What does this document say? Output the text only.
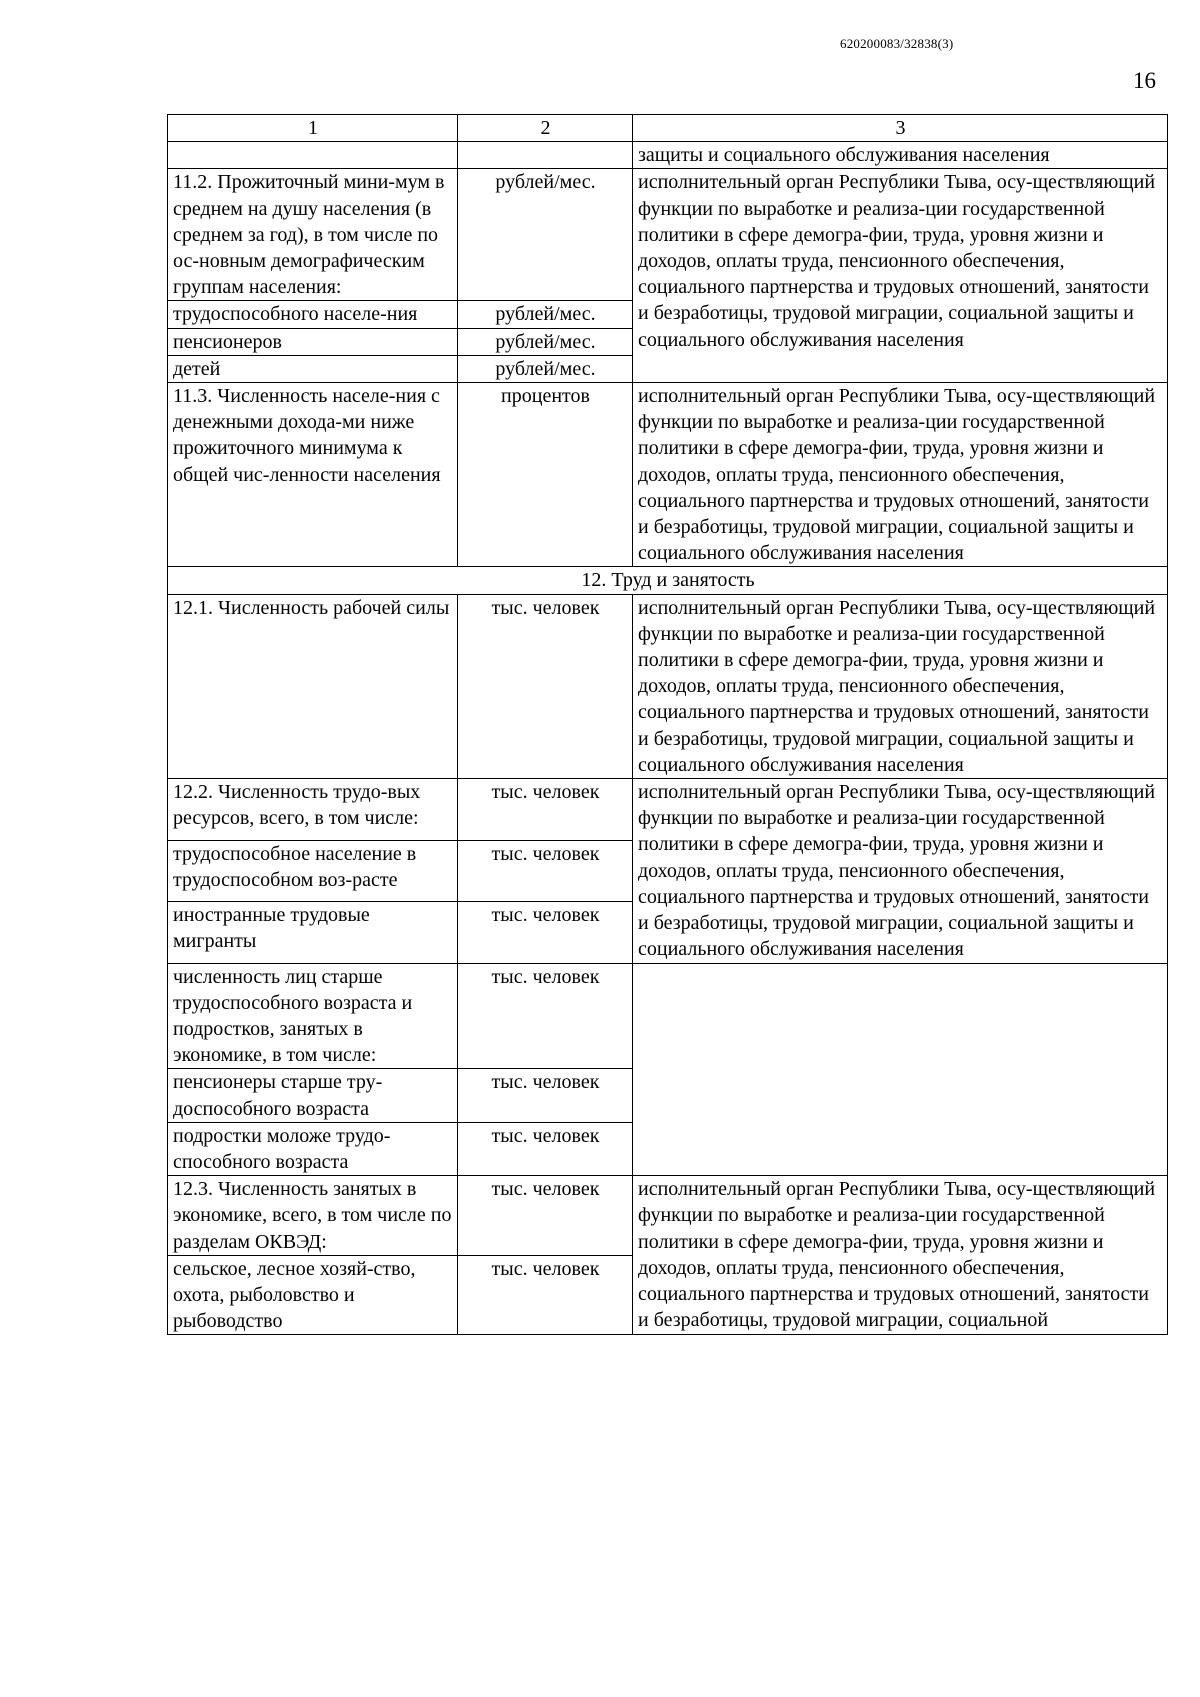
620200083/32838(3)
16
1	2	3
		защиты и социального обслуживания населения
11.2. Прожиточный мини-мум в среднем на душу населения (в среднем за год), в том числе по ос-новным демографическим группам населения:	рублей/мес.	исполнительный орган Республики Тыва, осу-ществляющий функции по выработке и реализа-ции государственной политики в сфере демогра-фии, труда, уровня жизни и доходов, оплаты труда, пенсионного обеспечения, социального партнерства и трудовых отношений, занятости и безработицы, трудовой миграции, социальной защиты и социального обслуживания населения
трудоспособного населе-ния	рублей/мес.	
пенсионеров	рублей/мес.	
детей	рублей/мес.	
11.3. Численность населе-ния с денежными дохода-ми ниже прожиточного минимума к общей чис-ленности населения	процентов	исполнительный орган Республики Тыва, осу-ществляющий функции по выработке и реализа-ции государственной политики в сфере демогра-фии, труда, уровня жизни и доходов, оплаты труда, пенсионного обеспечения, социального партнерства и трудовых отношений, занятости и безработицы, трудовой миграции, социальной защиты и социального обслуживания населения
12. Труд и занятость		
12.1. Численность рабочей силы	тыс. человек	исполнительный орган Республики Тыва, осу-ществляющий функции по выработке и реализа-ции государственной политики в сфере демогра-фии, труда, уровня жизни и доходов, оплаты труда, пенсионного обеспечения, социального партнерства и трудовых отношений, занятости и безработицы, трудовой миграции, социальной защиты и социального обслуживания населения
12.2. Численность трудо-вых ресурсов, всего, в том числе:	тыс. человек	исполнительный орган Республики Тыва, осу-ществляющий функции по выработке и реализа-ции государственной политики в сфере демогра-фии, труда, уровня жизни и доходов, оплаты труда, пенсионного обеспечения, социального партнерства и трудовых отношений, занятости и безработицы, трудовой миграции, социальной защиты и социального обслуживания населения
трудоспособное население в трудоспособном воз-расте	тыс. человек	
иностранные трудовые мигранты	тыс. человек	
численность лиц старше трудоспособного возраста и подростков, занятых в экономике, в том числе:	тыс. человек	
пенсионеры старше тру-доспособного возраста	тыс. человек	
подростки моложе трудо-способного возраста	тыс. человек	
12.3. Численность занятых в экономике, всего, в том числе по разделам ОКВЭД:	тыс. человек	исполнительный орган Республики Тыва, осу-ществляющий функции по выработке и реализа-ции государственной политики в сфере демогра-фии, труда, уровня жизни и доходов, оплаты труда, пенсионного обеспечения, социального партнерства и трудовых отношений, занятости и безработицы, трудовой миграции, социальной
сельское, лесное хозяй-ство, охота, рыболовство и рыбоводство	тыс. человек	
